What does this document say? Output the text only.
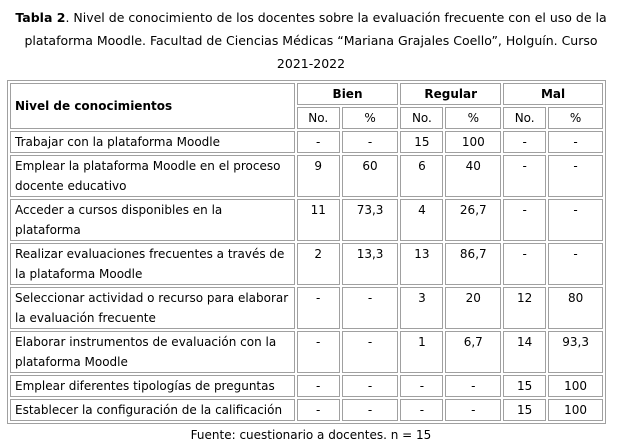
Tabla 2. Nivel de conocimiento de los docentes sobre la evaluación frecuente con el uso de la plataforma Moodle. Facultad de Ciencias Médicas “Mariana Grajales Coello”, Holguín. Curso 2021-2022
Nivel de conocimientos	Bien		Regular		Mal	
	No.	%	No.	%	No.	%
Trabajar con la plataforma Moodle	-	-	15	100	-	-
Emplear la plataforma Moodle en el proceso docente educativo	9	60	6	40	-	-
Acceder a cursos disponibles en la plataforma	11	73,3	4	26,7	-	-
Realizar evaluaciones frecuentes a través de la plataforma Moodle	2	13,3	13	86,7	-	-
Seleccionar actividad o recurso para elaborar la evaluación frecuente	-	-	3	20	12	80
Elaborar instrumentos de evaluación con la plataforma Moodle	-	-	1	6,7	14	93,3
Emplear diferentes tipologías de preguntas	-	-	-	-	15	100
Establecer la configuración de la calificación	-	-	-	-	15	100
Fuente: cuestionario a docentes. n = 15
